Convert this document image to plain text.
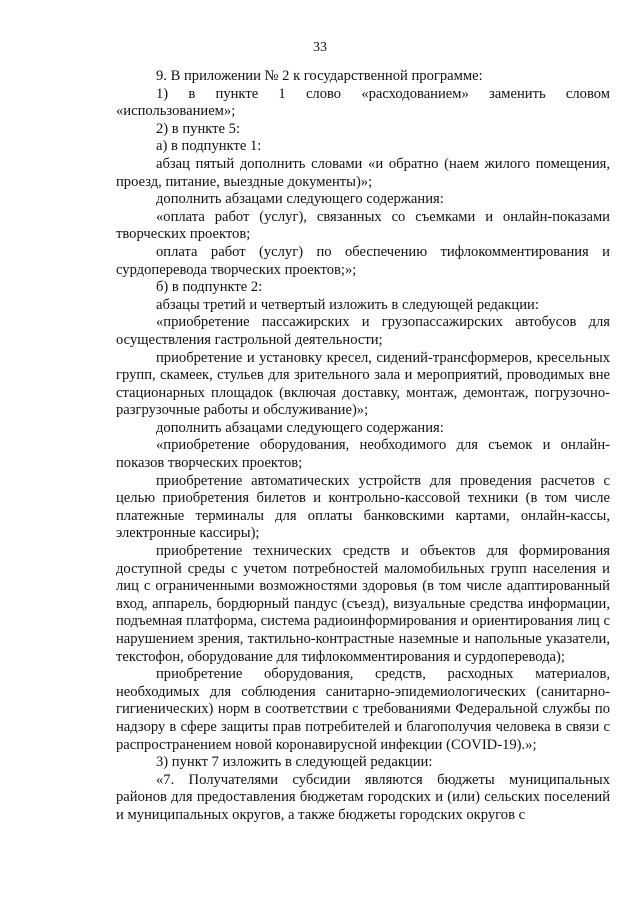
33

9. В приложении № 2 к государственной программе:

1) в пункте 1 слово «расходованием» заменить словом «использованием»;

2) в пункте 5:

а) в подпункте 1:

абзац пятый дополнить словами «и обратно (наем жилого помещения, проезд, питание, выездные документы)»;

дополнить абзацами следующего содержания:

«оплата работ (услуг), связанных со съемками и онлайн-показами творческих проектов;

оплата работ (услуг) по обеспечению тифлокомментирования и сурдоперевода творческих проектов;»;

б) в подпункте 2:

абзацы третий и четвертый изложить в следующей редакции:

«приобретение пассажирских и грузопассажирских автобусов для осуществления гастрольной деятельности;

приобретение и установку кресел, сидений-трансформеров, кресельных групп, скамеек, стульев для зрительного зала и мероприятий, проводимых вне стационарных площадок (включая доставку, монтаж, демонтаж, погрузочно-разгрузочные работы и обслуживание)»;

дополнить абзацами следующего содержания:

«приобретение оборудования, необходимого для съемок и онлайн-показов творческих проектов;

приобретение автоматических устройств для проведения расчетов с целью приобретения билетов и контрольно-кассовой техники (в том числе платежные терминалы для оплаты банковскими картами, онлайн-кассы, электронные кассиры);

приобретение технических средств и объектов для формирования доступной среды с учетом потребностей маломобильных групп населения и лиц с ограниченными возможностями здоровья (в том числе адаптированный вход, аппарель, бордюрный пандус (съезд), визуальные средства информации, подъемная платформа, система радиоинформирования и ориентирования лиц с нарушением зрения, тактильно-контрастные наземные и напольные указатели, текстофон, оборудование для тифлокомментирования и сурдоперевода);

приобретение оборудования, средств, расходных материалов, необходимых для соблюдения санитарно-эпидемиологических (санитарно-гигиенических) норм в соответствии с требованиями Федеральной службы по надзору в сфере защиты прав потребителей и благополучия человека в связи с распространением новой коронавирусной инфекции (COVID-19).»;

3) пункт 7 изложить в следующей редакции:

«7. Получателями субсидии являются бюджеты муниципальных районов для предоставления бюджетам городских и (или) сельских поселений и муниципальных округов, а также бюджеты городских округов с
